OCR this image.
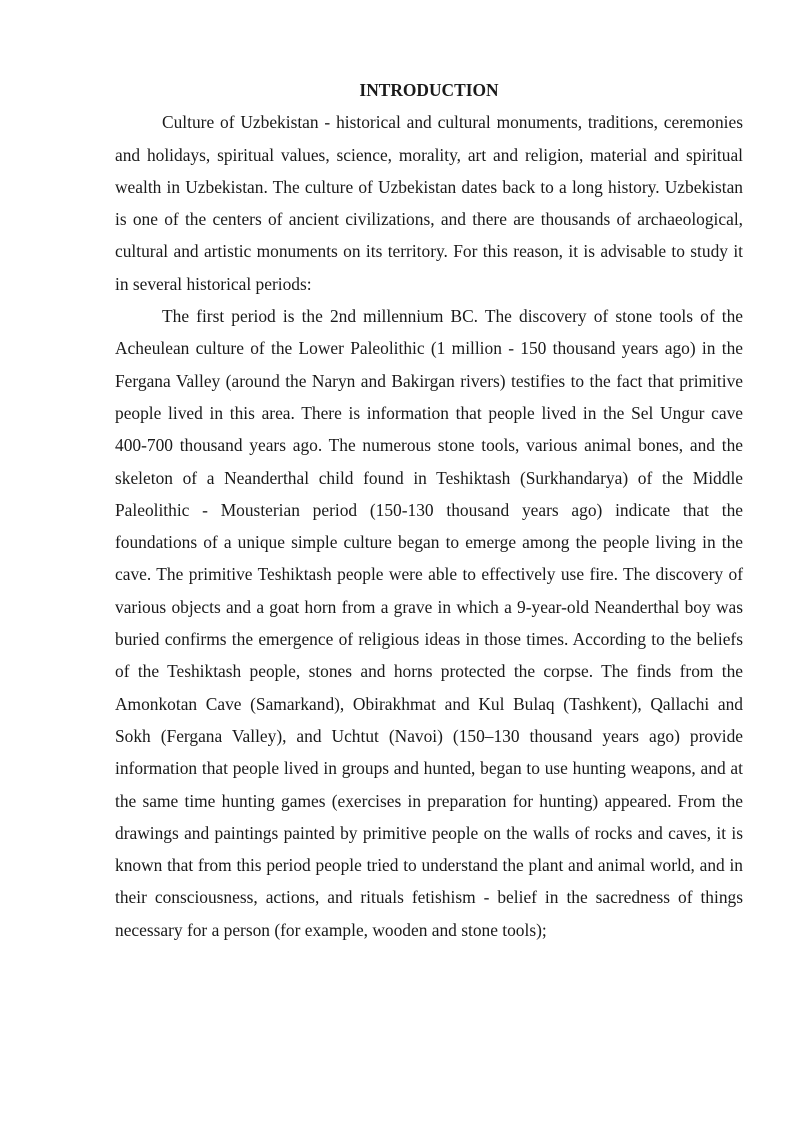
INTRODUCTION

Culture of Uzbekistan - historical and cultural monuments, traditions, ceremonies and holidays, spiritual values, science, morality, art and religion, material and spiritual wealth in Uzbekistan. The culture of Uzbekistan dates back to a long history. Uzbekistan is one of the centers of ancient civilizations, and there are thousands of archaeological, cultural and artistic monuments on its territory. For this reason, it is advisable to study it in several historical periods:

The first period is the 2nd millennium BC. The discovery of stone tools of the Acheulean culture of the Lower Paleolithic (1 million - 150 thousand years ago) in the Fergana Valley (around the Naryn and Bakirgan rivers) testifies to the fact that primitive people lived in this area. There is information that people lived in the Sel Ungur cave 400-700 thousand years ago. The numerous stone tools, various animal bones, and the skeleton of a Neanderthal child found in Teshiktash (Surkhandarya) of the Middle Paleolithic - Mousterian period (150-130 thousand years ago) indicate that the foundations of a unique simple culture began to emerge among the people living in the cave. The primitive Teshiktash people were able to effectively use fire. The discovery of various objects and a goat horn from a grave in which a 9-year-old Neanderthal boy was buried confirms the emergence of religious ideas in those times. According to the beliefs of the Teshiktash people, stones and horns protected the corpse. The finds from the Amonkotan Cave (Samarkand), Obirakhmat and Kul Bulaq (Tashkent), Qallachi and Sokh (Fergana Valley), and Uchtut (Navoi) (150–130 thousand years ago) provide information that people lived in groups and hunted, began to use hunting weapons, and at the same time hunting games (exercises in preparation for hunting) appeared. From the drawings and paintings painted by primitive people on the walls of rocks and caves, it is known that from this period people tried to understand the plant and animal world, and in their consciousness, actions, and rituals fetishism - belief in the sacredness of things necessary for a person (for example, wooden and stone tools);
